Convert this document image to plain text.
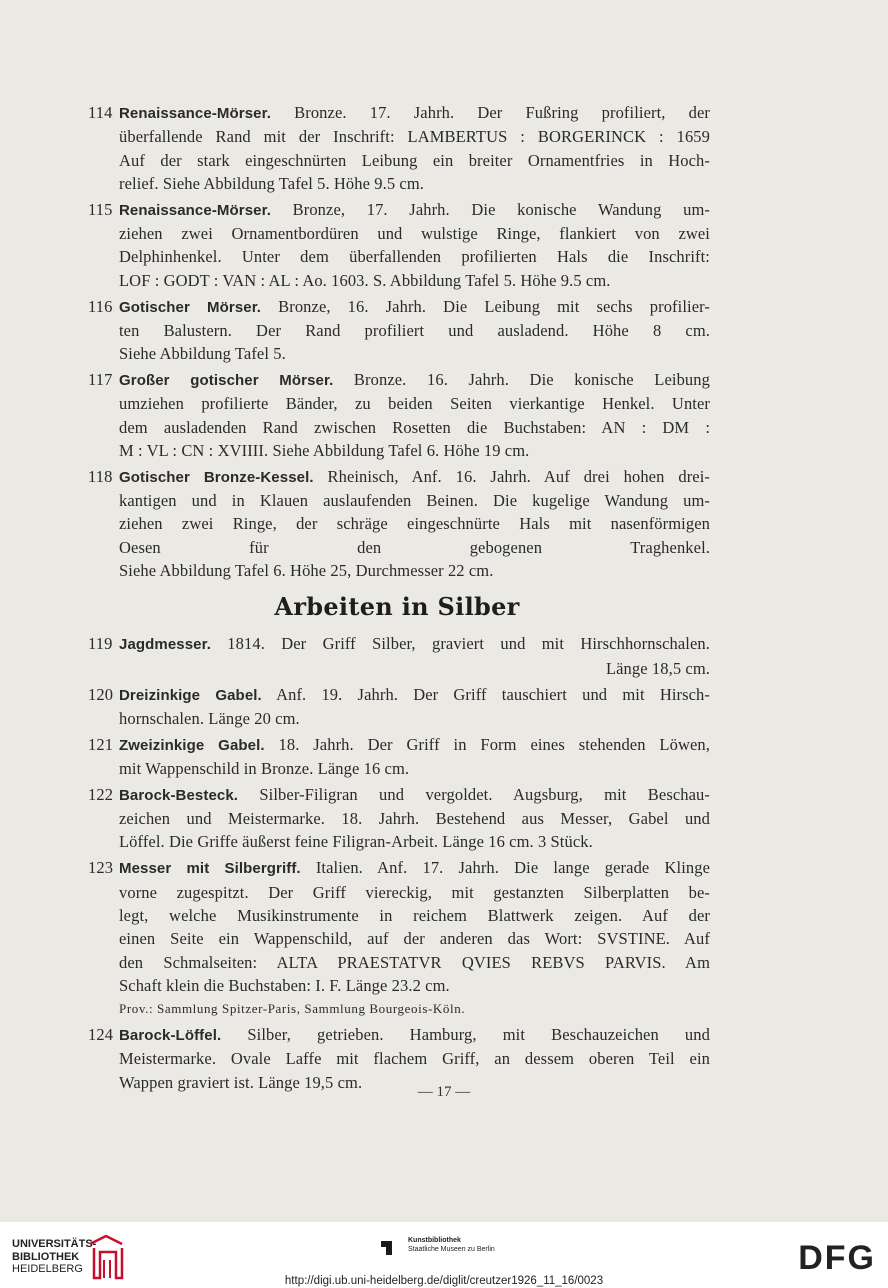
114 Renaissance-Mörser. Bronze. 17. Jahrh. Der Fußring profiliert, der
überfallende Rand mit der Inschrift: LAMBERTUS : BORGERINCK : 1659
Auf der stark eingeschnürten Leibung ein breiter Ornamentfries in Hoch-
relief. Siehe Abbildung Tafel 5. Höhe 9.5 cm.
115 Renaissance-Mörser. Bronze, 17. Jahrh. Die konische Wandung um-
ziehen zwei Ornamentbordüren und wulstige Ringe, flankiert von zwei
Delphinhenkel. Unter dem überfallenden profilierten Hals die Inschrift:
LOF : GODT : VAN : AL : Ao. 1603. S. Abbildung Tafel 5. Höhe 9.5 cm.
116 Gotischer Mörser. Bronze, 16. Jahrh. Die Leibung mit sechs profilier-
ten Balustern. Der Rand profiliert und ausladend. Höhe 8 cm.
Siehe Abbildung Tafel 5.
117 Großer gotischer Mörser. Bronze. 16. Jahrh. Die konische Leibung
umziehen profilierte Bänder, zu beiden Seiten vierkantige Henkel. Unter
dem ausladenden Rand zwischen Rosetten die Buchstaben: AN : DM :
M : VL : CN : XVIIII. Siehe Abbildung Tafel 6. Höhe 19 cm.
118 Gotischer Bronze-Kessel. Rheinisch, Anf. 16. Jahrh. Auf drei hohen drei-
kantigen und in Klauen auslaufenden Beinen. Die kugelige Wandung um-
ziehen zwei Ringe, der schräge eingeschnürte Hals mit nasenförmigen
Oesen für den gebogenen Traghenkel.
Siehe Abbildung Tafel 6. Höhe 25, Durchmesser 22 cm.
Arbeiten in Silber
119 Jagdmesser. 1814. Der Griff Silber, graviert und mit Hirschhornschalen.
Länge 18,5 cm.
120 Dreizinkige Gabel. Anf. 19. Jahrh. Der Griff tauschiert und mit Hirsch-
hornschalen. Länge 20 cm.
121 Zweizinkige Gabel. 18. Jahrh. Der Griff in Form eines stehenden Löwen,
mit Wappenschild in Bronze. Länge 16 cm.
122 Barock-Besteck. Silber-Filigran und vergoldet. Augsburg, mit Beschau-
zeichen und Meistermarke. 18. Jahrh. Bestehend aus Messer, Gabel und
Löffel. Die Griffe äußerst feine Filigran-Arbeit. Länge 16 cm. 3 Stück.
123 Messer mit Silbergriff. Italien. Anf. 17. Jahrh. Die lange gerade Klinge
vorne zugespitzt. Der Griff viereckig, mit gestanzten Silberplatten be-
legt, welche Musikinstrumente in reichem Blattwerk zeigen. Auf der
einen Seite ein Wappenschild, auf der anderen das Wort: SVSTINE. Auf
den Schmalseiten: ALTA PRAESTATVR QVIES REBVS PARVIS. Am
Schaft klein die Buchstaben: I. F. Länge 23.2 cm.
Prov.: Sammlung Spitzer-Paris, Sammlung Bourgeois-Köln.
124 Barock-Löffel. Silber, getrieben. Hamburg, mit Beschauzeichen und
Meistermarke. Ovale Laffe mit flachem Griff, an dessem oberen Teil ein
Wappen graviert ist. Länge 19,5 cm.
— 17 —
UNIVERSITÄTS-
BIBLIOTHEK
HEIDELBERG
Kunstbibliothek
Staatliche Museen zu Berlin	DFG
http://digi.ub.uni-heidelberg.de/diglit/creutzer1926_11_16/0023
